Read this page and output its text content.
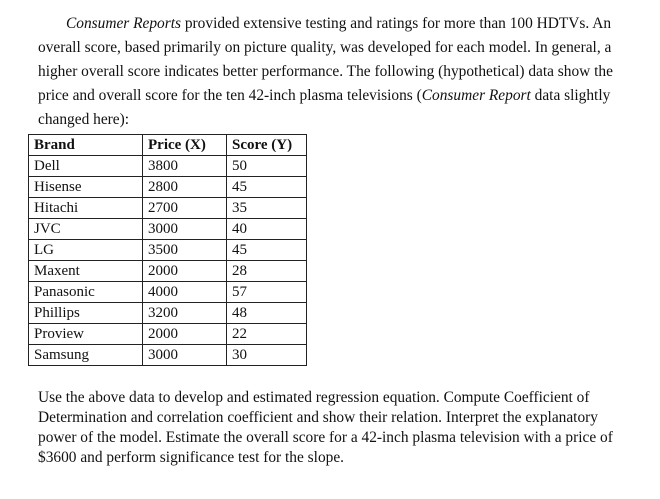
Consumer Reports provided extensive testing and ratings for more than 100 HDTVs. An
overall score, based primarily on picture quality, was developed for each model. In general, a
higher overall score indicates better performance. The following (hypothetical) data show the
price and overall score for the ten 42-inch plasma televisions (Consumer Report data slightly
changed here):
Brand	Price (X)	Score (Y)
Dell	3800	50
Hisense	2800	45
Hitachi	2700	35
JVC	3000	40
LG	3500	45
Maxent	2000	28
Panasonic	4000	57
Phillips	3200	48
Proview	2000	22
Samsung	3000	30
Use the above data to develop and estimated regression equation. Compute Coefficient of
Determination and correlation coefficient and show their relation. Interpret the explanatory
power of the model. Estimate the overall score for a 42-inch plasma television with a price of
$3600 and perform significance test for the slope.
